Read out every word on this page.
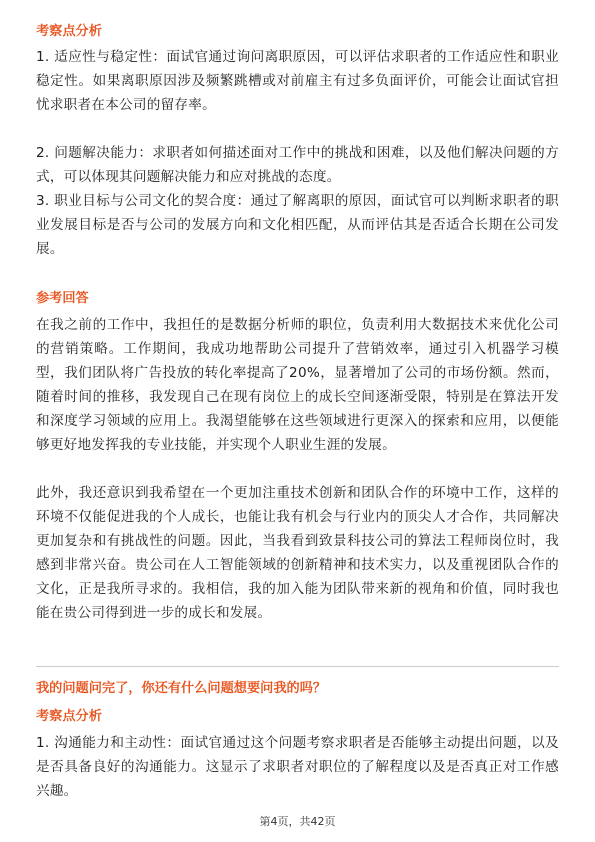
考察点分析

1. 适应性与稳定性：面试官通过询问离职原因，可以评估求职者的工作适应性和职业稳定性。如果离职原因涉及频繁跳槽或对前雇主有过多负面评价，可能会让面试官担忧求职者在本公司的留存率。

2. 问题解决能力：求职者如何描述面对工作中的挑战和困难，以及他们解决问题的方式，可以体现其问题解决能力和应对挑战的态度。

3. 职业目标与公司文化的契合度：通过了解离职的原因，面试官可以判断求职者的职业发展目标是否与公司的发展方向和文化相匹配，从而评估其是否适合长期在公司发展。

参考回答

在我之前的工作中，我担任的是数据分析师的职位，负责利用大数据技术来优化公司的营销策略。工作期间，我成功地帮助公司提升了营销效率，通过引入机器学习模型，我们团队将广告投放的转化率提高了20%，显著增加了公司的市场份额。然而，随着时间的推移，我发现自己在现有岗位上的成长空间逐渐受限，特别是在算法开发和深度学习领域的应用上。我渴望能够在这些领域进行更深入的探索和应用，以便能够更好地发挥我的专业技能，并实现个人职业生涯的发展。

此外，我还意识到我希望在一个更加注重技术创新和团队合作的环境中工作，这样的环境不仅能促进我的个人成长，也能让我有机会与行业内的顶尖人才合作，共同解决更加复杂和有挑战性的问题。因此，当我看到致景科技公司的算法工程师岗位时，我感到非常兴奋。贵公司在人工智能领域的创新精神和技术实力，以及重视团队合作的文化，正是我所寻求的。我相信，我的加入能为团队带来新的视角和价值，同时我也能在贵公司得到进一步的成长和发展。

我的问题问完了，你还有什么问题想要问我的吗？
考察点分析

1. 沟通能力和主动性：面试官通过这个问题考察求职者是否能够主动提出问题，以及是否具备良好的沟通能力。这显示了求职者对职位的了解程度以及是否真正对工作感兴趣。

第4页，共42页
